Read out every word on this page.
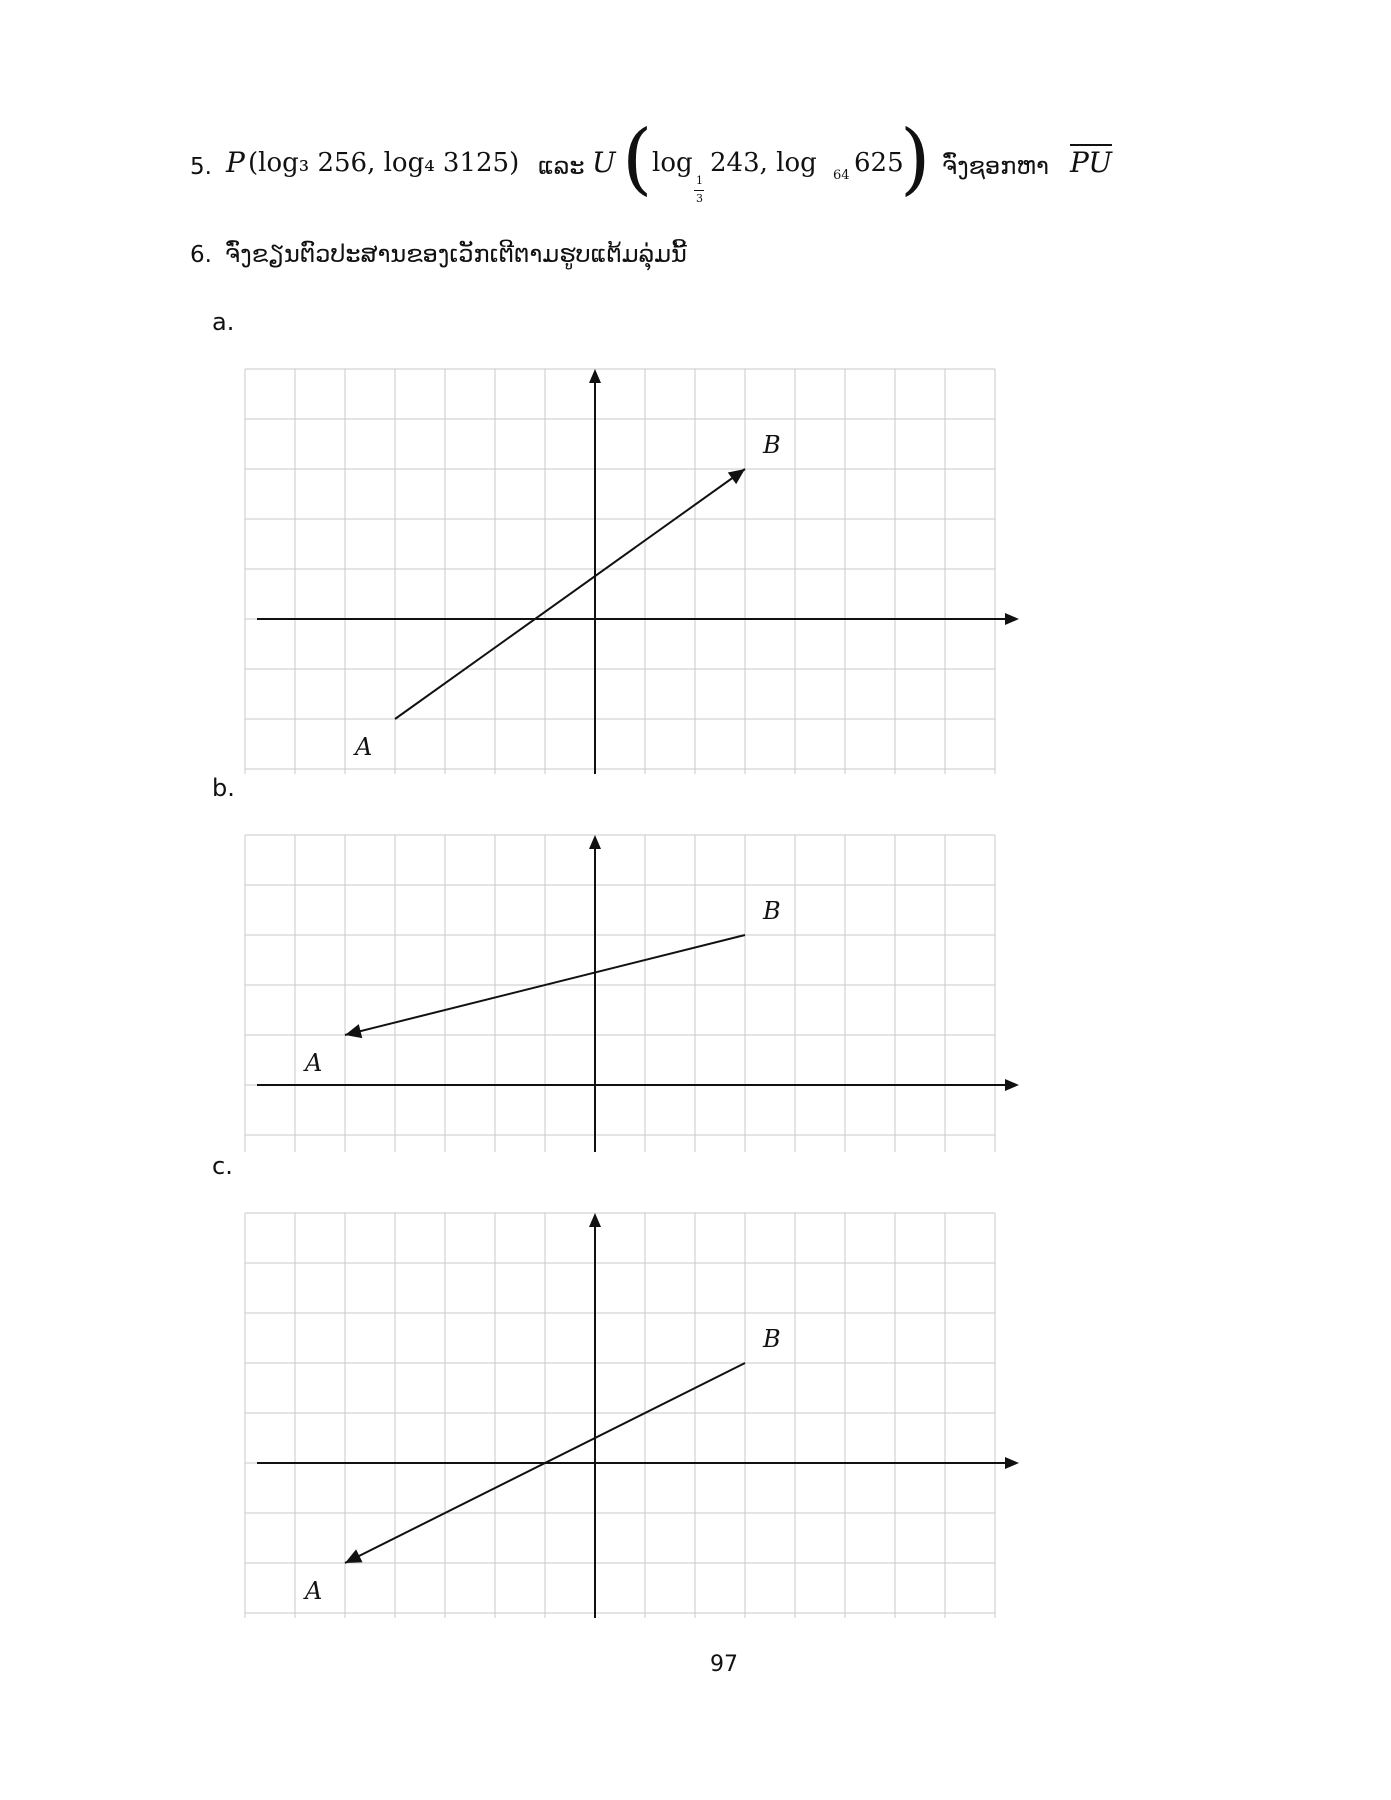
5. P (log₃ 256, log₄ 3125) ແລະ U ( log
1
3
243, log 64 625
) ຈົ່ງຊອກຫາ $\overline{PU}$
6. ຈົ່ງຂຽນຕົວປະສານຂອງເວັກເຕີຕາມຮູບແຕ້ມລຸ່ມນີ້
a.
b.
c.
A
B
A
B
A
B
97
